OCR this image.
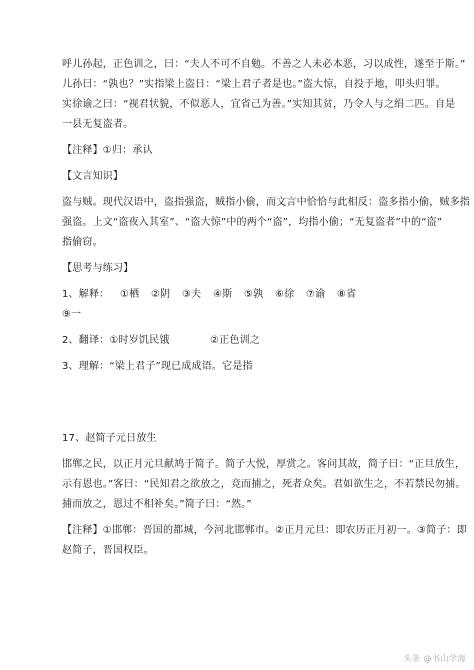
呼儿孙起，正色训之，曰：“夫人不可不自勉。不善之人未必本恶，习以成性，遂至于斯。”

儿孙曰：“孰也？”实指梁上盗日：“梁上君子者是也。”盗大惊，自投于地，叩头归罪。

实徐谕之曰：“视君状貌，不似恶人，宜省己为善。”实知其贫，乃令人与之绢二匹。自是

一县无复盗者。

【注释】①归：承认

【文言知识】

盗与贼。现代汉语中，盗指强盗，贼指小偷，而文言中恰恰与此相反：盗多指小偷，贼多指

强盗。上文“盗夜入其室”、“盗大惊”中的两个“盗”，均指小偷；“无复盗者”中的“盗”

指偷窃。

【思考与练习】

1、解释：	①栖	②阴	③夫	④斯	⑤孰	⑥徐	⑦谕	⑧省

⑨一

2、翻译：①时岁饥民饿	②正色训之

3、理解：“梁上君子”现已成成语。它是指

17、赵简子元日放生

邯郸之民，以正月元旦献鸠于简子。简子大悦，厚赏之。客问其故，简子曰：“正旦放生，

示有恩也。”客曰：“民知君之欲放之，竞而捕之，死者众矣。君如欲生之，不若禁民勿捕。

捕而放之，恩过不相补矣。”简子曰：“然。”

【注释】①邯郸：晋国的都城，今河北邯郸市。②正月元旦：即农历正月初一。③简子：即

赵简子，晋国权臣。

头条 @书山学海
